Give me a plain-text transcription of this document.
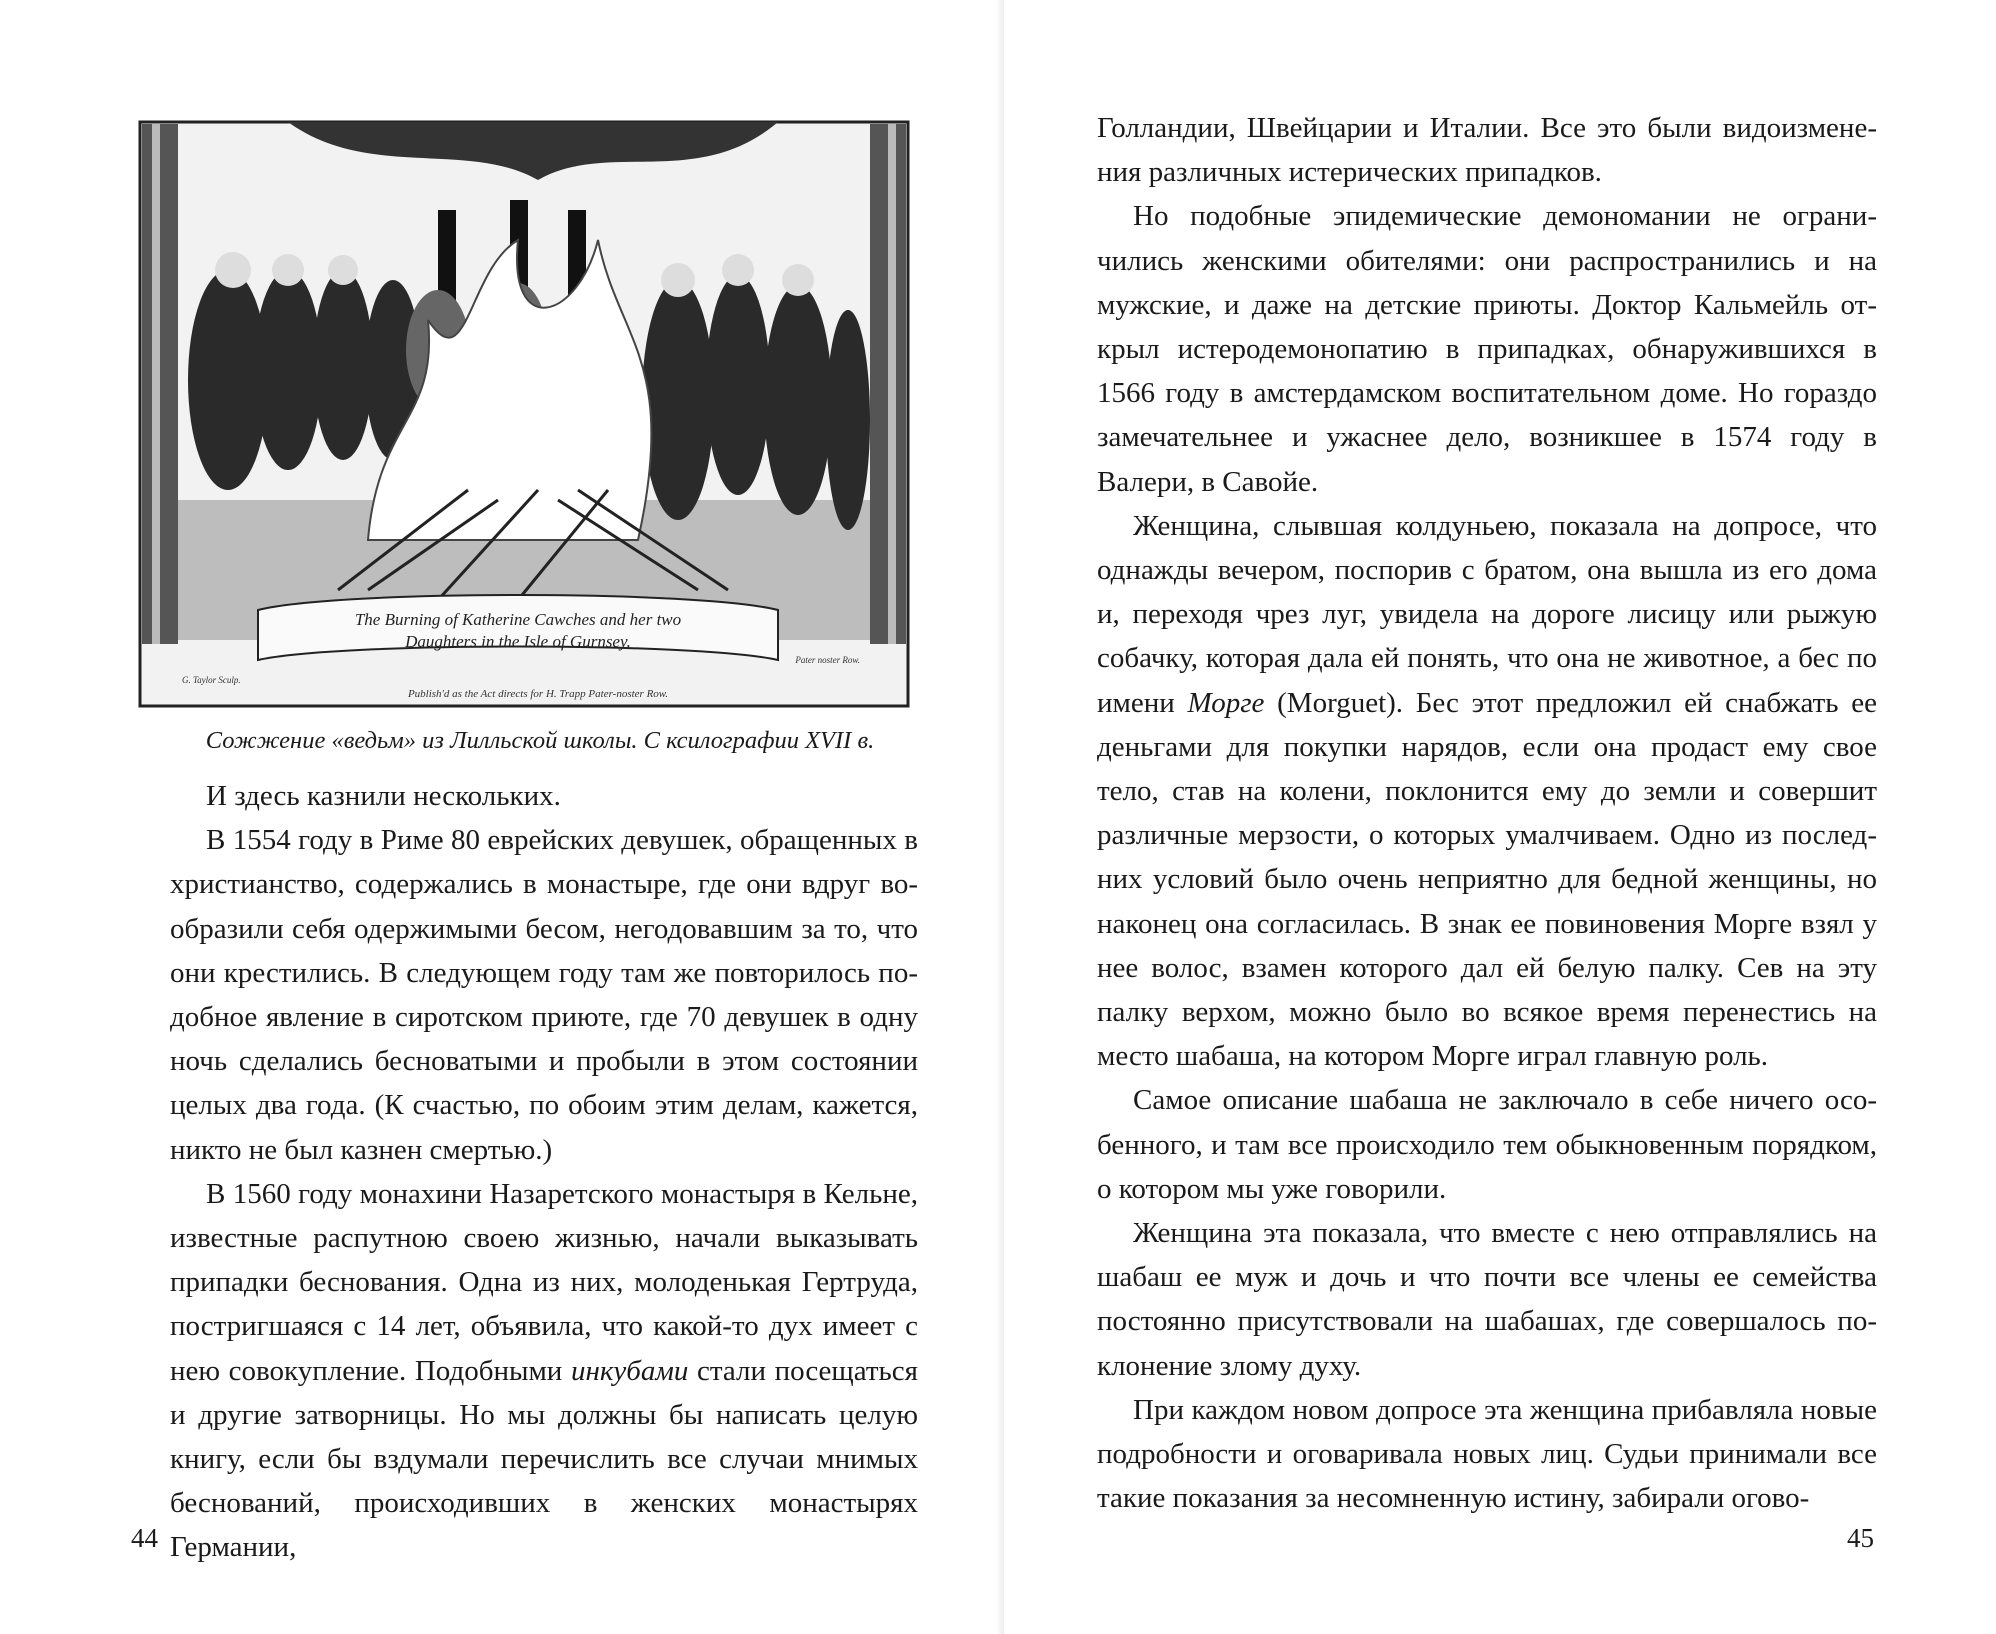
The Burning of Katherine Cawches and her two
Daughters in the Isle of Gurnsey.
G. Taylor Sculp.
Pater noster Row.
Publish'd as the Act directs for H. Trapp Pater-noster Row.
Сожжение «ведьм» из Лилльской школы. С ксилографии XVII в.

И здесь казнили нескольких.

В 1554 году в Риме 80 еврейских девушек, обращенных в христианство, содержались в монастыре, где они вдруг вообразили себя одержимыми бесом, негодовавшим за то, что они крестились. В следующем году там же повторилось подобное явление в сиротском приюте, где 70 девушек в одну ночь сделались бесноватыми и пробыли в этом состоянии целых два года. (К счастью, по обоим этим делам, кажется, никто не был казнен смертью.)

В 1560 году монахини Назаретского монастыря в Кельне, известные распутною своею жизнью, начали выказывать припадки беснования. Одна из них, молоденькая Гертруда, постригшаяся с 14 лет, объявила, что какой-то дух имеет с нею совокупление. Подобными инкубами стали посещаться и другие затворницы. Но мы должны бы написать целую книгу, если бы вздумали перечислить все случаи мнимых беснований, происходивших в женских монастырях Германии,

44

Голландии, Швейцарии и Италии. Все это были видоизменения различных истерических припадков.

Но подобные эпидемические демономании не ограничились женскими обителями: они распространились и на мужские, и даже на детские приюты. Доктор Кальмейль открыл истеродемонопатию в припадках, обнаружившихся в 1566 году в амстердамском воспитательном доме. Но гораздо замечательнее и ужаснее дело, возникшее в 1574 году в Валери, в Савойе.

Женщина, слывшая колдуньею, показала на допросе, что однажды вечером, поспорив с братом, она вышла из его дома и, переходя чрез луг, увидела на дороге лисицу или рыжую собачку, которая дала ей понять, что она не животное, а бес по имени Морге (Morguet). Бес этот предложил ей снабжать ее деньгами для покупки нарядов, если она продаст ему свое тело, став на колени, поклонится ему до земли и совершит различные мерзости, о которых умалчиваем. Одно из последних условий было очень неприятно для бедной женщины, но наконец она согласилась. В знак ее повиновения Морге взял у нее волос, взамен которого дал ей белую палку. Сев на эту палку верхом, можно было во всякое время перенестись на место шабаша, на котором Морге играл главную роль.

Самое описание шабаша не заключало в себе ничего особенного, и там все происходило тем обыкновенным порядком, о котором мы уже говорили.

Женщина эта показала, что вместе с нею отправлялись на шабаш ее муж и дочь и что почти все члены ее семейства постоянно присутствовали на шабашах, где совершалось поклонение злому духу.

При каждом новом допросе эта женщина прибавляла новые подробности и оговаривала новых лиц. Судьи принимали все такие показания за несомненную истину, забирали огово-

45
